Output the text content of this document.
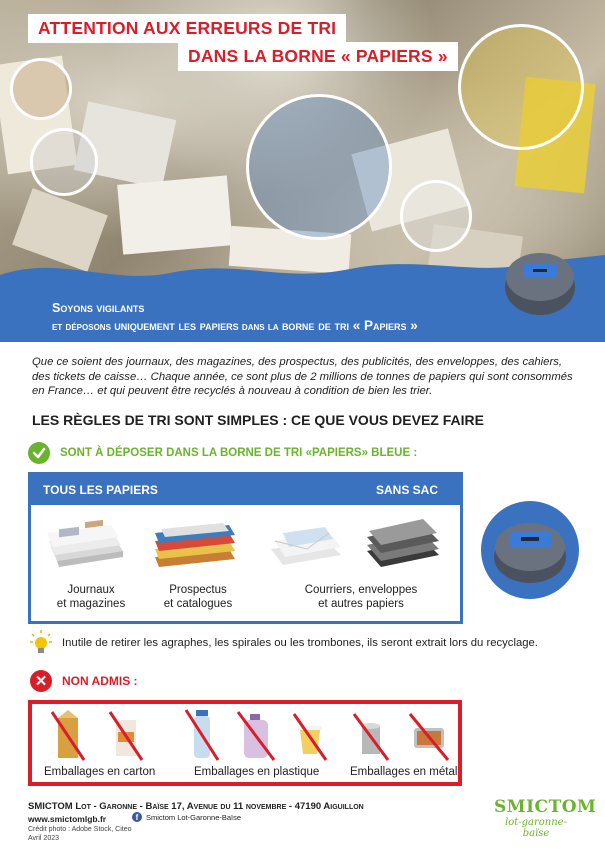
ATTENTION AUX ERREURS DE TRI
DANS LA BORNE « PAPIERS »
Soyons vigilants
et déposons uniquement les papiers dans la borne de tri « Papiers »
Que ce soient des journaux, des magazines, des prospectus, des publicités, des enveloppes, des cahiers, des tickets de caisse… Chaque année, ce sont plus de 2 millions de tonnes de papiers qui sont consommés en France… et qui peuvent être recyclés à nouveau à condition de bien les trier.
LES RÈGLES DE TRI SONT SIMPLES : CE QUE VOUS DEVEZ FAIRE
SONT À DÉPOSER DANS LA BORNE DE TRI «PAPIERS» BLEUE :
TOUS LES PAPIERS	SANS SAC
Journaux
et magazines
Prospectus
et catalogues
Courriers, enveloppes
et autres papiers
Inutile de retirer les agraphes, les spirales ou les trombones, ils seront extrait lors du recyclage.
✕	NON ADMIS :
Emballages en carton	Emballages en plastique	Emballages en métal
SMICTOM Lot - Garonne - Baïse 17, Avenue du 11 novembre - 47190 Aiguillon
www.smictomlgb.fr	f	Smictom Lot-Garonne-Baïse
Crédit photo : Adobe Stock, Citeo
Avril 2023
SMICTOM
lot-garonne-baïse
